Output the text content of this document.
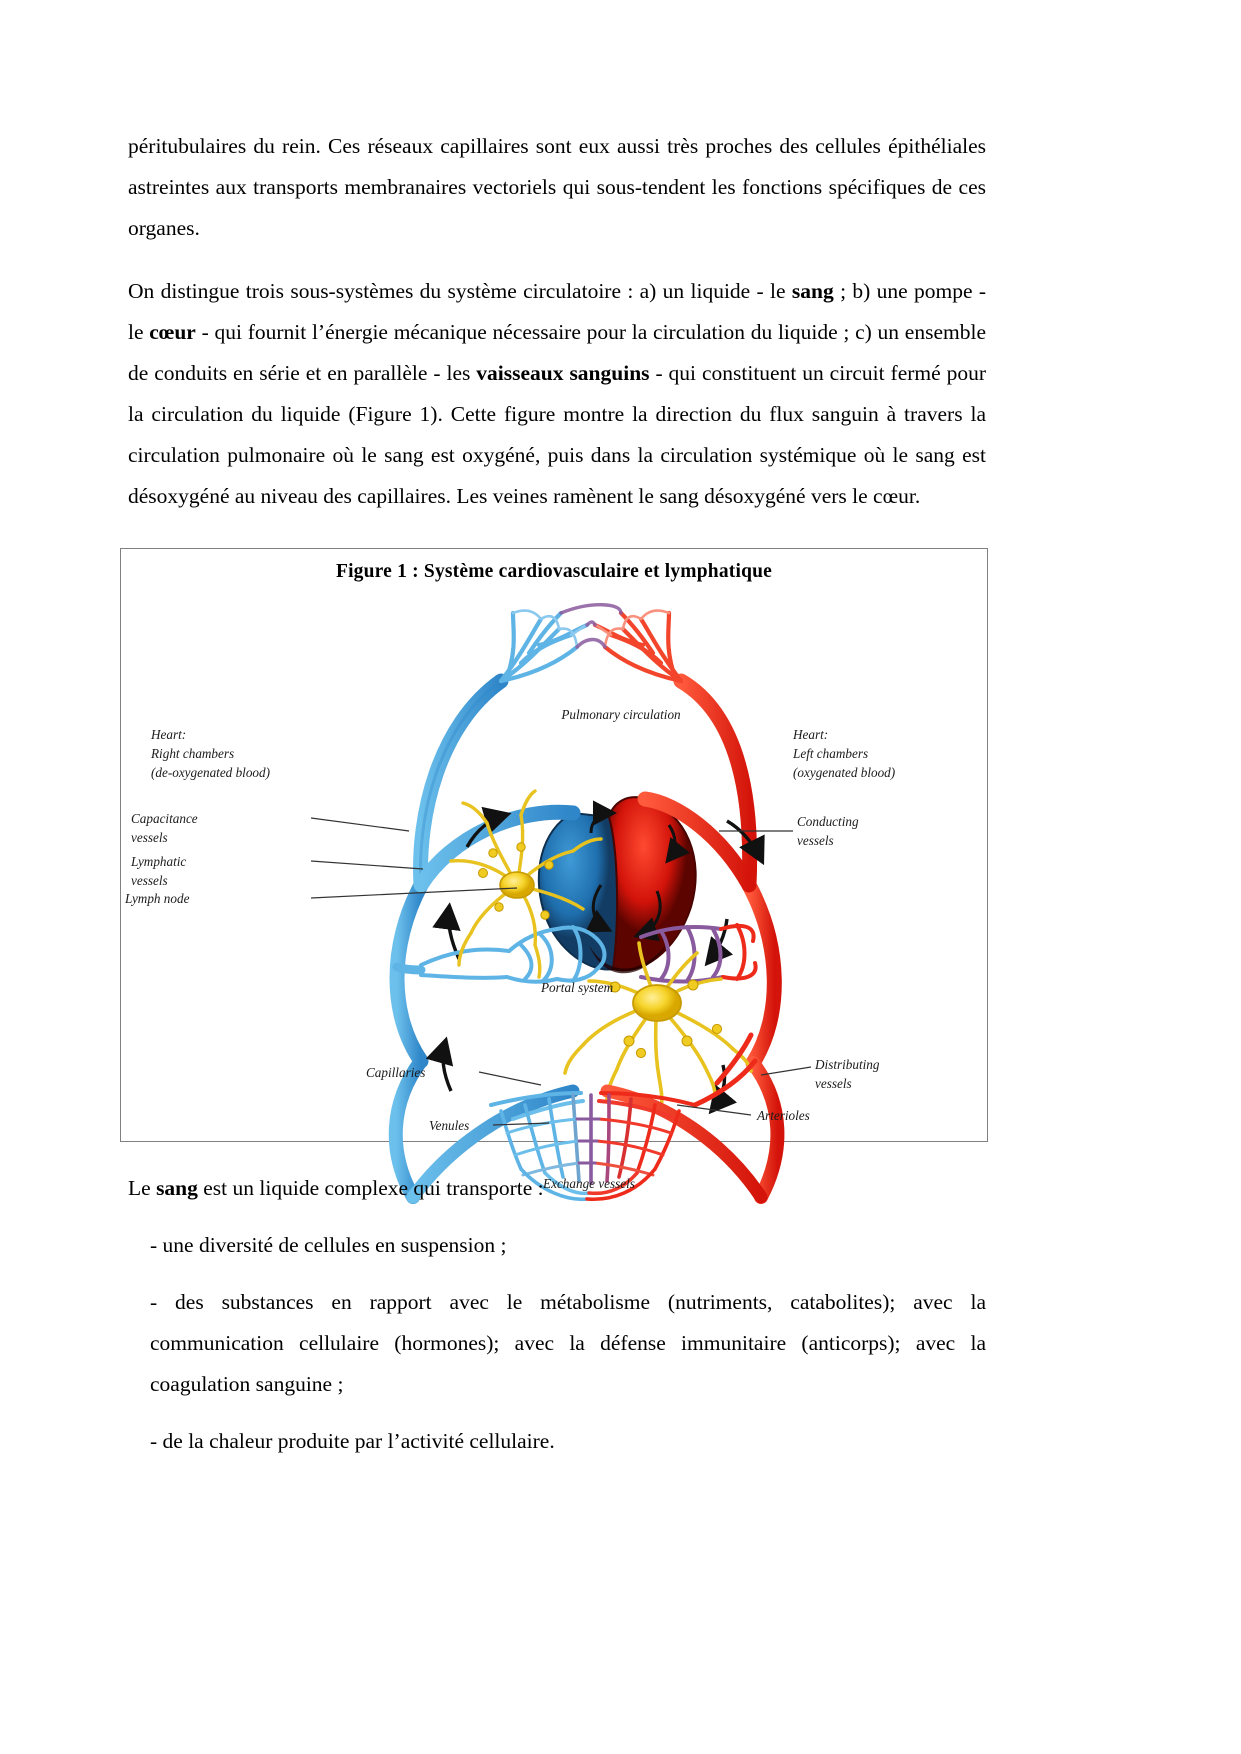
péritubulaires du rein. Ces réseaux capillaires sont eux aussi très proches des cellules épithéliales astreintes aux transports membranaires vectoriels qui sous-tendent les fonctions spécifiques de ces organes.

On distingue trois sous-systèmes du système circulatoire : a) un liquide - le sang ; b) une pompe - le cœur - qui fournit l’énergie mécanique nécessaire pour la circulation du liquide ; c) un ensemble de conduits en série et en parallèle - les vaisseaux sanguins - qui constituent un circuit fermé pour la circulation du liquide (Figure 1). Cette figure montre la direction du flux sanguin à travers la circulation pulmonaire où le sang est oxygéné, puis dans la circulation systémique où le sang est désoxygéné au niveau des capillaires. Les veines ramènent le sang désoxygéné vers le cœur.

Figure 1 : Système cardiovasculaire et lymphatique
Pulmonary circulation
Heart:
Right chambers
(de-oxygenated blood)
Heart:
Left chambers
(oxygenated blood)
Capacitance
vessels
Lymphatic
vessels
Lymph node
Conducting
vessels
Portal system
Capillaries
Distributing
vessels
Arterioles
Venules
Exchange vessels

Le sang est un liquide complexe qui transporte :

- une diversité de cellules en suspension ;

- des substances en rapport avec le métabolisme (nutriments, catabolites); avec la communication cellulaire (hormones); avec la défense immunitaire (anticorps); avec la coagulation sanguine ;

- de la chaleur produite par l’activité cellulaire.
